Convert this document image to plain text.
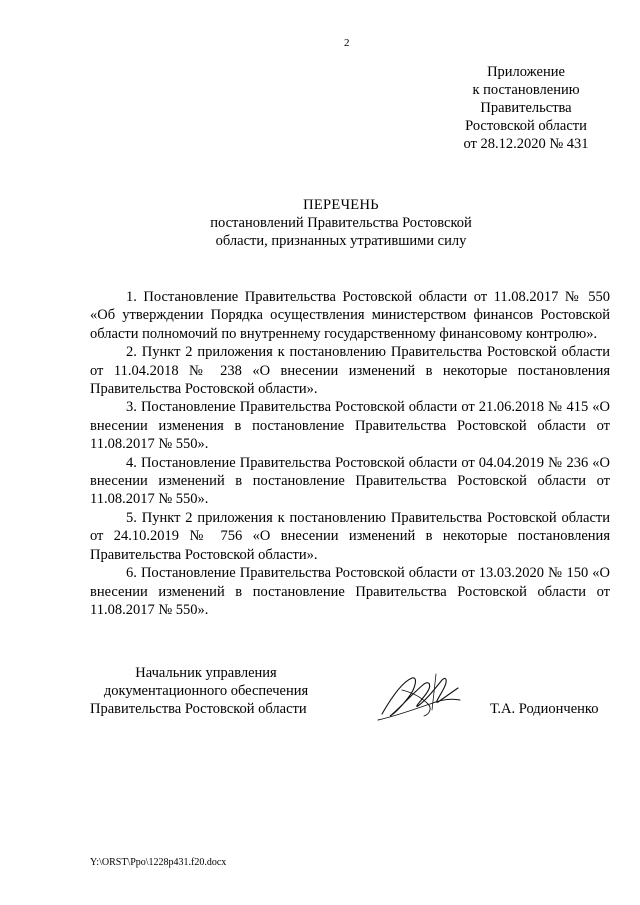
2
Приложение
к постановлению
Правительства
Ростовской области
от 28.12.2020 № 431
ПЕРЕЧЕНЬ
постановлений Правительства Ростовской
области, признанных утратившими силу

1. Постановление Правительства Ростовской области от 11.08.2017 № 550 «Об утверждении Порядка осуществления министерством финансов Ростовской области полномочий по внутреннему государственному финансовому контролю».

2. Пункт 2 приложения к постановлению Правительства Ростовской области от 11.04.2018 № 238 «О внесении изменений в некоторые постановления Правительства Ростовской области».

3. Постановление Правительства Ростовской области от 21.06.2018 № 415 «О внесении изменения в постановление Правительства Ростовской области от 11.08.2017 № 550».

4. Постановление Правительства Ростовской области от 04.04.2019 № 236 «О внесении изменений в постановление Правительства Ростовской области от 11.08.2017 № 550».

5. Пункт 2 приложения к постановлению Правительства Ростовской области от 24.10.2019 № 756 «О внесении изменений в некоторые постановления Правительства Ростовской области».

6. Постановление Правительства Ростовской области от 13.03.2020 № 150 «О внесении изменений в постановление Правительства Ростовской области от 11.08.2017 № 550».

Начальник управления
документационного обеспечения
Правительства Ростовской области	Т.А. Родионченко
Y:\ORST\Ppo\1228p431.f20.docx
